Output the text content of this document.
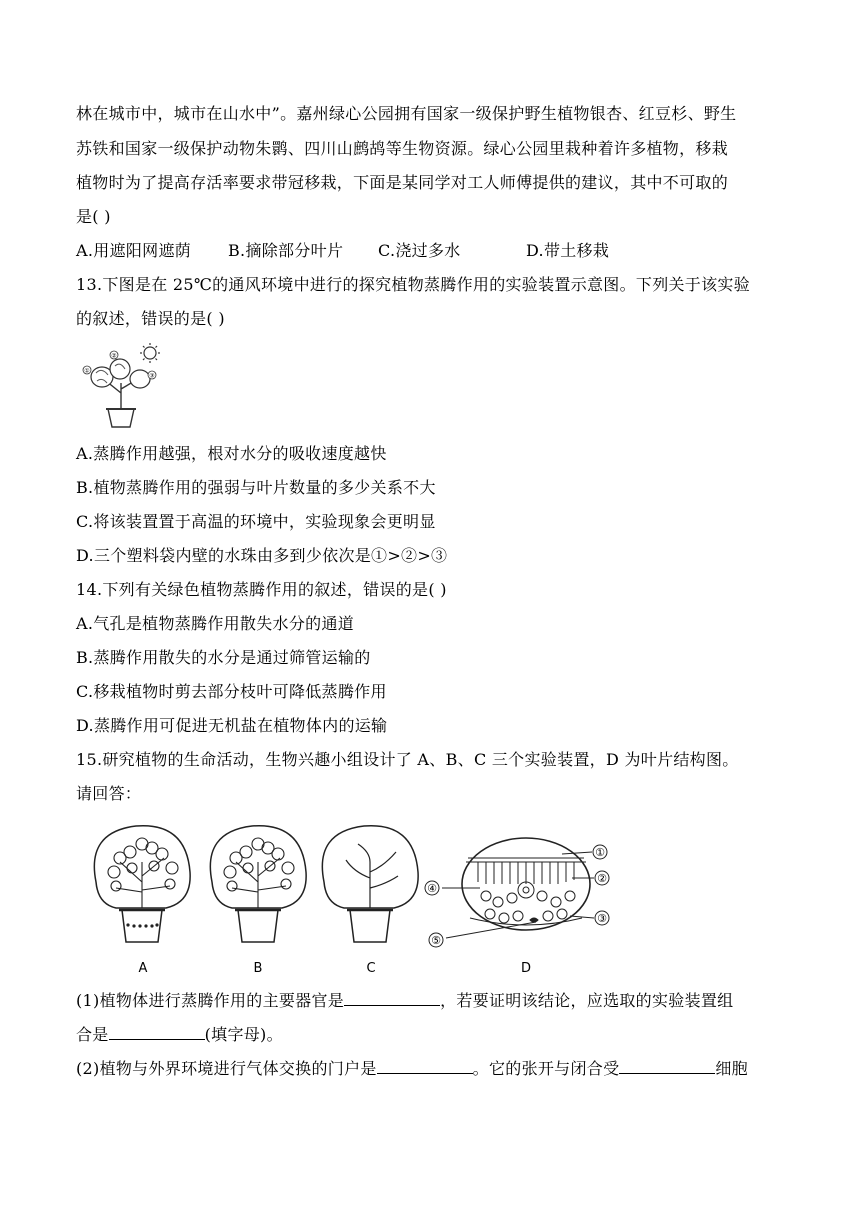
林在城市中，城市在山水中”。嘉州绿心公园拥有国家一级保护野生植物银杏、红豆杉、野生
苏铁和国家一级保护动物朱鹮、四川山鹧鸪等生物资源。绿心公园里栽种着许多植物，移栽
植物时为了提高存活率要求带冠移栽，下面是某同学对工人师傅提供的建议，其中不可取的
是( )
A.用遮阳网遮荫 B.摘除部分叶片 C.浇过多水	D.带土移栽
13.下图是在 25℃的通风环境中进行的探究植物蒸腾作用的实验装置示意图。下列关于该实验
的叙述，错误的是( )
①
②
③
A.蒸腾作用越强，根对水分的吸收速度越快
B.植物蒸腾作用的强弱与叶片数量的多少关系不大
C.将该装置置于高温的环境中，实验现象会更明显
D.三个塑料袋内壁的水珠由多到少依次是①>②>③
14.下列有关绿色植物蒸腾作用的叙述，错误的是( )
A.气孔是植物蒸腾作用散失水分的通道
B.蒸腾作用散失的水分是通过筛管运输的
C.移栽植物时剪去部分枝叶可降低蒸腾作用
D.蒸腾作用可促进无机盐在植物体内的运输
15.研究植物的生命活动，生物兴趣小组设计了 A、B、C 三个实验装置，D 为叶片结构图。
请回答：
A	B	C
①
②
③
④
⑤
D
(1)植物体进行蒸腾作用的主要器官是	，若要证明该结论，应选取的实验装置组
合是	(填字母)。
(2)植物与外界环境进行气体交换的门户是	。它的张开与闭合受	细胞
